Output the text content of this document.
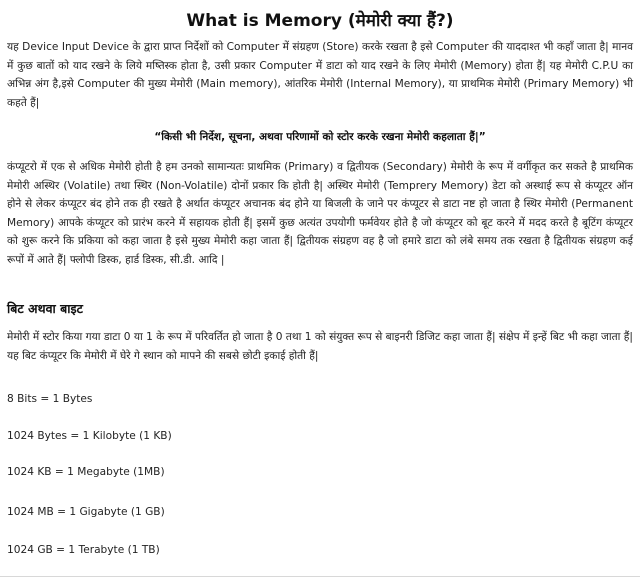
What is Memory (मेमोरी क्या हैं?)

यह Device Input Device के द्वारा प्राप्त निर्देशों को Computer में संग्रहण (Store) करके रखता है इसे Computer की याददाश्त भी कहाँ जाता है| मानव में कुछ बातों को याद रखने के लिये मष्तिस्क होता है, उसी प्रकार Computer में डाटा को याद रखने के लिए मेमोरी (Memory) होता हैं| यह मेमोरी C.P.U का अभिन्न अंग है,इसे Computer की मुख्य मेमोरी (Main memory), आंतरिक मेमोरी (Internal Memory), या प्राथमिक मेमोरी (Primary Memory) भी कहते हैं|

“किसी भी निर्देश, सूचना, अथवा परिणामों को स्टोर करके रखना मेमोरी कहलाता हैं|”

कंप्यूटरो में एक से अधिक मेमोरी होती है हम उनको सामान्यतः प्राथमिक (Primary) व द्वितीयक (Secondary) मेमोरी के रूप में वर्गीकृत कर सकते है प्राथमिक मेमोरी अस्थिर (Volatile) तथा स्थिर (Non-Volatile) दोनों प्रकार कि होती है| अस्थिर मेमोरी (Temprery Memory) डेटा को अस्थाई रूप से कंप्यूटर ऑन होने से लेकर कंप्यूटर बंद होने तक ही रखते है अर्थात कंप्यूटर अचानक बंद होने या बिजली के जाने पर कंप्यूटर से डाटा नष्ट हो जाता है स्थिर मेमोरी (Permanent Memory) आपके कंप्यूटर को प्रारंभ करने में सहायक होती हैं| इसमें कुछ अत्यंत उपयोगी फर्मवेयर होते है जो कंप्यूटर को बूट करने में मदद करते है बूटिंग कंप्यूटर को शुरू करने कि प्रकिया को कहा जाता है इसे मुख्य मेमोरी कहा जाता हैं| द्वितीयक संग्रहण वह है जो हमारे डाटा को लंबे समय तक रखता है द्वितीयक संग्रहण कई रूपों में आते हैं| फ्लोपी डिस्क, हार्ड डिस्क, सी.डी. आदि |

बिट अथवा बाइट

मेमोरी में स्टोर किया गया डाटा 0 या 1 के रूप में परिवर्तित हो जाता है 0 तथा 1 को संयुक्त रूप से बाइनरी डिजिट कहा जाता हैं| संक्षेप में इन्हें बिट भी कहा जाता हैं| यह बिट कंप्यूटर कि मेमोरी में घेरे गे स्थान को मापने की सबसे छोटी इकाई होती हैं|

8 Bits = 1 Bytes

1024 Bytes = 1 Kilobyte (1 KB)

1024 KB = 1 Megabyte (1MB)

1024 MB = 1 Gigabyte (1 GB)

1024 GB = 1 Terabyte (1 TB)
